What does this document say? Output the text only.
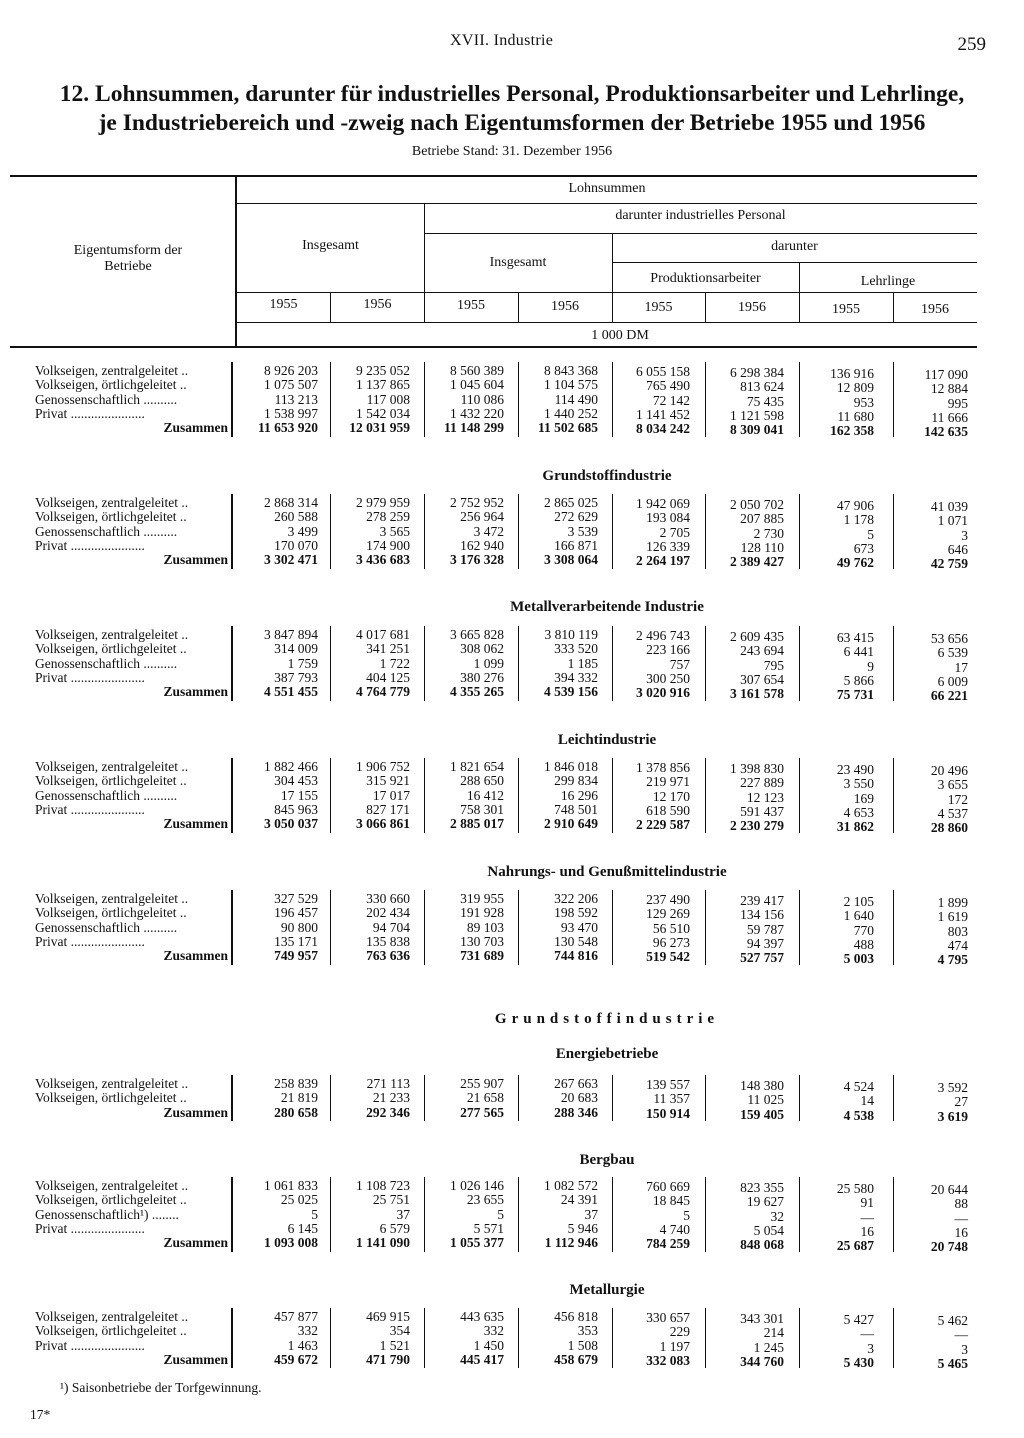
XVII. Industrie	259
12. Lohnsummen, darunter für industrielles Personal, Produktionsarbeiter und Lehrlinge,
je Industriebereich und -zweig nach Eigentumsformen der Betriebe 1955 und 1956
Betriebe Stand: 31. Dezember 1956
Eigentumsform der Betriebe
Lohnsummen
Insgesamt
darunter industrielles Personal
Insgesamt
darunter
Produktionsarbeiter	Lehrlinge
1955	1956	1955	1956	1955	1956	1955	1956
1 000 DM
Volkseigen, zentralgeleitet ..	8 926 203	9 235 052	8 560 389	8 843 368	6 055 158	6 298 384	136 916	117 090
Volkseigen, örtlichgeleitet ..	1 075 507	1 137 865	1 045 604	1 104 575	765 490	813 624	12 809	12 884
Genossenschaftlich ..........	113 213	117 008	110 086	114 490	72 142	75 435	953	995
Privat ......................	1 538 997	1 542 034	1 432 220	1 440 252	1 141 452	1 121 598	11 680	11 666
Zusammen	11 653 920	12 031 959	11 148 299	11 502 685	8 034 242	8 309 041	162 358	142 635
Grundstoffindustrie
Volkseigen, zentralgeleitet ..	2 868 314	2 979 959	2 752 952	2 865 025	1 942 069	2 050 702	47 906	41 039
Volkseigen, örtlichgeleitet ..	260 588	278 259	256 964	272 629	193 084	207 885	1 178	1 071
Genossenschaftlich ..........	3 499	3 565	3 472	3 539	2 705	2 730	5	3
Privat ......................	170 070	174 900	162 940	166 871	126 339	128 110	673	646
Zusammen	3 302 471	3 436 683	3 176 328	3 308 064	2 264 197	2 389 427	49 762	42 759
Metallverarbeitende Industrie
Volkseigen, zentralgeleitet ..	3 847 894	4 017 681	3 665 828	3 810 119	2 496 743	2 609 435	63 415	53 656
Volkseigen, örtlichgeleitet ..	314 009	341 251	308 062	333 520	223 166	243 694	6 441	6 539
Genossenschaftlich ..........	1 759	1 722	1 099	1 185	757	795	9	17
Privat ......................	387 793	404 125	380 276	394 332	300 250	307 654	5 866	6 009
Zusammen	4 551 455	4 764 779	4 355 265	4 539 156	3 020 916	3 161 578	75 731	66 221
Leichtindustrie
Volkseigen, zentralgeleitet ..	1 882 466	1 906 752	1 821 654	1 846 018	1 378 856	1 398 830	23 490	20 496
Volkseigen, örtlichgeleitet ..	304 453	315 921	288 650	299 834	219 971	227 889	3 550	3 655
Genossenschaftlich ..........	17 155	17 017	16 412	16 296	12 170	12 123	169	172
Privat ......................	845 963	827 171	758 301	748 501	618 590	591 437	4 653	4 537
Zusammen	3 050 037	3 066 861	2 885 017	2 910 649	2 229 587	2 230 279	31 862	28 860
Nahrungs- und Genußmittelindustrie
Volkseigen, zentralgeleitet ..	327 529	330 660	319 955	322 206	237 490	239 417	2 105	1 899
Volkseigen, örtlichgeleitet ..	196 457	202 434	191 928	198 592	129 269	134 156	1 640	1 619
Genossenschaftlich ..........	90 800	94 704	89 103	93 470	56 510	59 787	770	803
Privat ......................	135 171	135 838	130 703	130 548	96 273	94 397	488	474
Zusammen	749 957	763 636	731 689	744 816	519 542	527 757	5 003	4 795
Grundstoffindustrie
Energiebetriebe
Volkseigen, zentralgeleitet ..	258 839	271 113	255 907	267 663	139 557	148 380	4 524	3 592
Volkseigen, örtlichgeleitet ..	21 819	21 233	21 658	20 683	11 357	11 025	14	27
Zusammen	280 658	292 346	277 565	288 346	150 914	159 405	4 538	3 619
Bergbau
Volkseigen, zentralgeleitet ..	1 061 833	1 108 723	1 026 146	1 082 572	760 669	823 355	25 580	20 644
Volkseigen, örtlichgeleitet ..	25 025	25 751	23 655	24 391	18 845	19 627	91	88
Genossenschaftlich¹) ........	5	37	5	37	5	32	—	—
Privat ......................	6 145	6 579	5 571	5 946	4 740	5 054	16	16
Zusammen	1 093 008	1 141 090	1 055 377	1 112 946	784 259	848 068	25 687	20 748
Metallurgie
Volkseigen, zentralgeleitet ..	457 877	469 915	443 635	456 818	330 657	343 301	5 427	5 462
Volkseigen, örtlichgeleitet ..	332	354	332	353	229	214	—	—
Privat ......................	1 463	1 521	1 450	1 508	1 197	1 245	3	3
Zusammen	459 672	471 790	445 417	458 679	332 083	344 760	5 430	5 465
¹) Saisonbetriebe der Torfgewinnung.
17*
